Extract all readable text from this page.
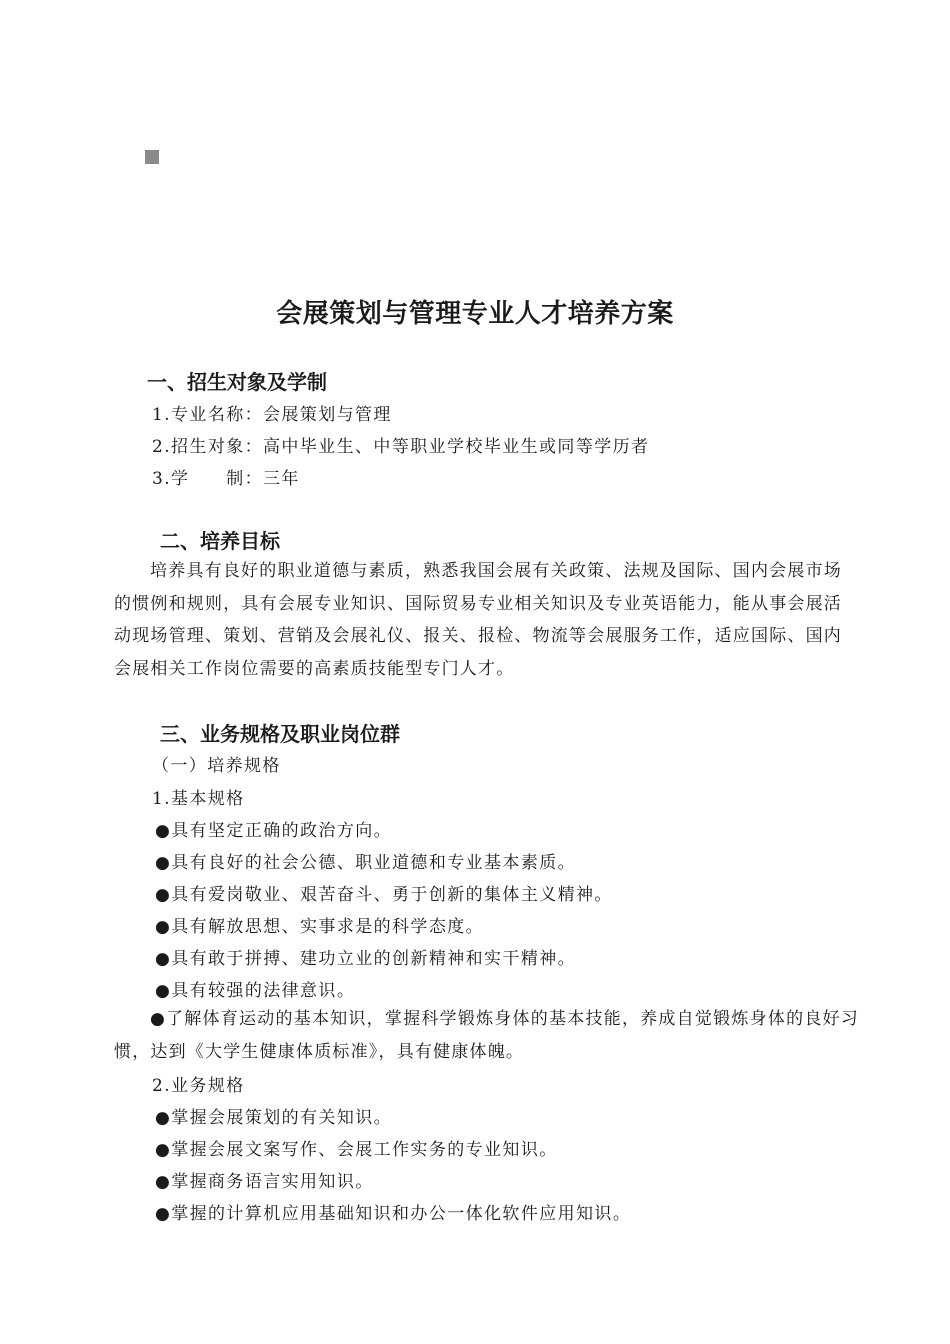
会展策划与管理专业人才培养方案
一、招生对象及学制
1.专业名称：会展策划与管理
2.招生对象：高中毕业生、中等职业学校毕业生或同等学历者
3.学　　制：三年
二、培养目标

培养具有良好的职业道德与素质，熟悉我国会展有关政策、法规及国际、国内会展市场的惯例和规则，具有会展专业知识、国际贸易专业相关知识及专业英语能力，能从事会展活动现场管理、策划、营销及会展礼仪、报关、报检、物流等会展服务工作，适应国际、国内会展相关工作岗位需要的高素质技能型专门人才。

三、业务规格及职业岗位群
（一）培养规格
1.基本规格
●具有坚定正确的政治方向。
●具有良好的社会公德、职业道德和专业基本素质。
●具有爱岗敬业、艰苦奋斗、勇于创新的集体主义精神。
●具有解放思想、实事求是的科学态度。
●具有敢于拼搏、建功立业的创新精神和实干精神。
●具有较强的法律意识。

●了解体育运动的基本知识，掌握科学锻炼身体的基本技能，养成自觉锻炼身体的良好习惯，达到《大学生健康体质标准》，具有健康体魄。

2.业务规格
●掌握会展策划的有关知识。
●掌握会展文案写作、会展工作实务的专业知识。
●掌握商务语言实用知识。
●掌握的计算机应用基础知识和办公一体化软件应用知识。
